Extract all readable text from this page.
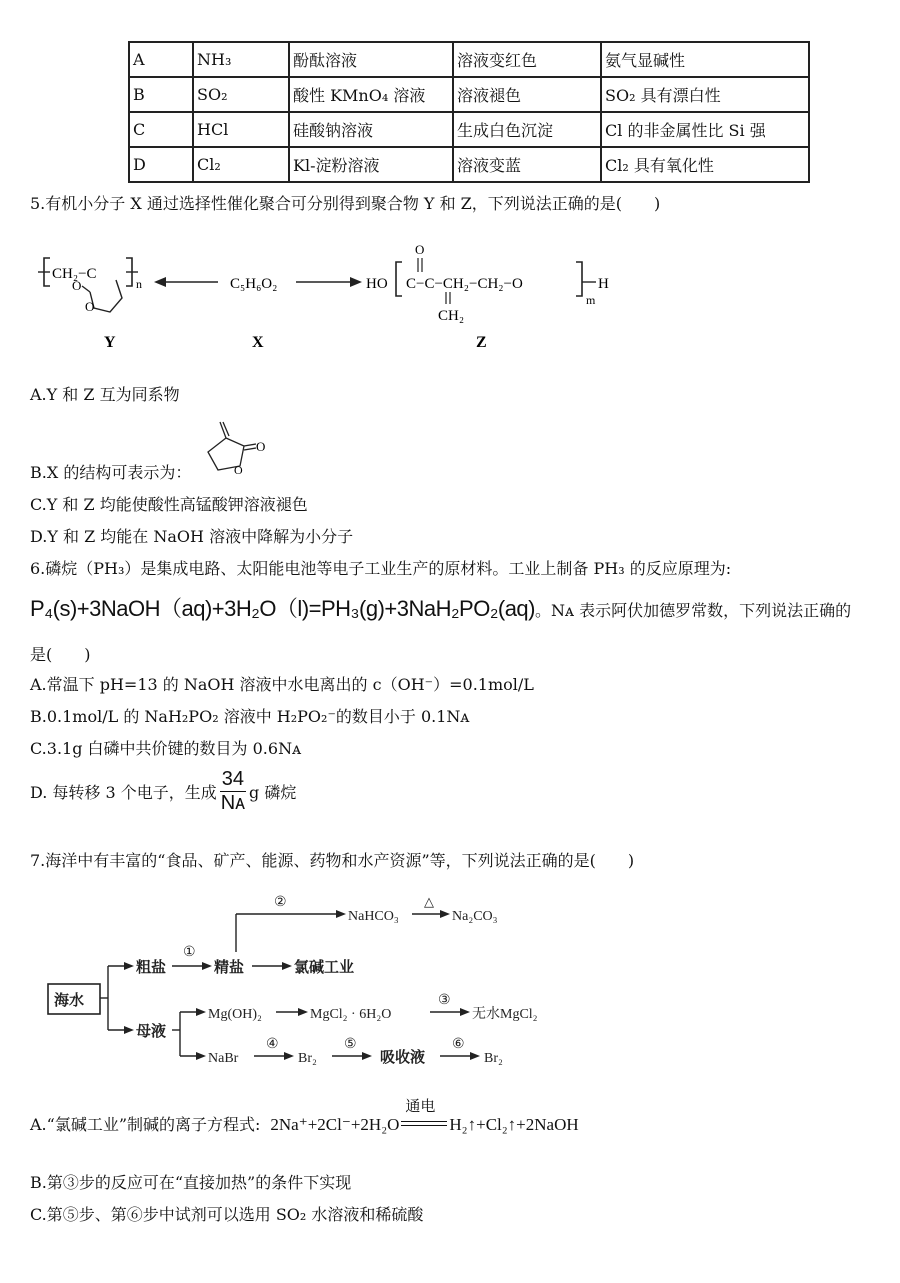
A	NH₃	酚酞溶液	溶液变红色	氨气显碱性
B	SO₂	酸性 KMnO₄ 溶液	溶液褪色	SO₂ 具有漂白性
C	HCl	硅酸钠溶液	生成白色沉淀	Cl 的非金属性比 Si 强
D	Cl₂	Kl-淀粉溶液	溶液变蓝	Cl₂ 具有氧化性
5.有机小分子 X 通过选择性催化聚合可分别得到聚合物 Y 和 Z，下列说法正确的是(　　)
CH₂−C
n
O
O
C₅H₆O₂	HO C−C−CH₂−CH₂−O	H
m
O
CH₂
Y	X	Z
A.Y 和 Z 互为同系物
O
O
B.X 的结构可表示为：
C.Y 和 Z 均能使酸性高锰酸钾溶液褪色
D.Y 和 Z 均能在 NaOH 溶液中降解为小分子
6.磷烷（PH₃）是集成电路、太阳能电池等电子工业生产的原材料。工业上制备 PH₃ 的反应原理为:
P₄(s)+3NaOH（aq)+3H₂O（l)=PH₃(g)+3NaH₂PO₂(aq)。Nᴀ 表示阿伏加德罗常数，下列说法正确的
是(　　)
A.常温下 pH=13 的 NaOH 溶液中水电离出的 c（OH⁻）=0.1mol/L
B.0.1mol/L 的 NaH₂PO₂ 溶液中 H₂PO₂⁻的数目小于 0.1Nᴀ
C.3.1g 白磷中共价键的数目为 0.6Nᴀ
D. 每转移 3 个电子，生成 $\frac{34}{\text{Nᴀ}}$ g 磷烷
7.海洋中有丰富的“食品、矿产、能源、药物和水产资源”等，下列说法正确的是(　　)
海水
粗盐
母液
①
精盐	氯碱工业
②
NaHCO₃
△
Na₂CO₃
Mg(OH)₂	MgCl₂ · 6H₂O
③
无水MgCl₂
NaBr
④
Br₂
⑤
吸收液
⑥
Br₂
A.“氯碱工业”制碱的离子方程式: 2Na⁺+2Cl⁻+2H₂O
通电
H₂↑+Cl₂↑+2NaOH
B.第③步的反应可在“直接加热”的条件下实现
C.第⑤步、第⑥步中试剂可以选用 SO₂ 水溶液和稀硫酸
